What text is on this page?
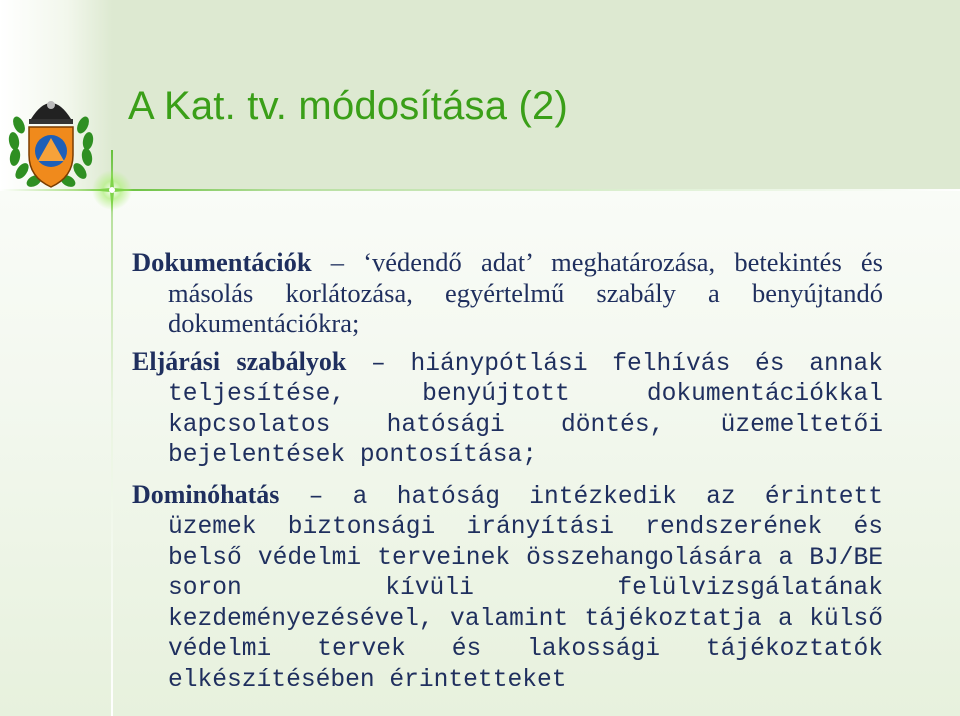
A Kat. tv. módosítása (2)
Dokumentációk – ‘védendő adat’ meghatározása, betekintés és másolás korlátozása, egyértelmű szabály a benyújtandó dokumentációkra;
Eljárási szabályok – hiánypótlási felhívás és annak teljesítése, benyújtott dokumentációkkal kapcsolatos hatósági döntés, üzemeltetői bejelentések pontosítása;
Dominóhatás – a hatóság intézkedik az érintett üzemek biztonsági irányítási rendszerének és belső védelmi terveinek összehangolására a BJ/BE soron kívüli felülvizsgálatának kezdeményezésével, valamint tájékoztatja a külső védelmi tervek és lakossági tájékoztatók elkészítésében érintetteket
